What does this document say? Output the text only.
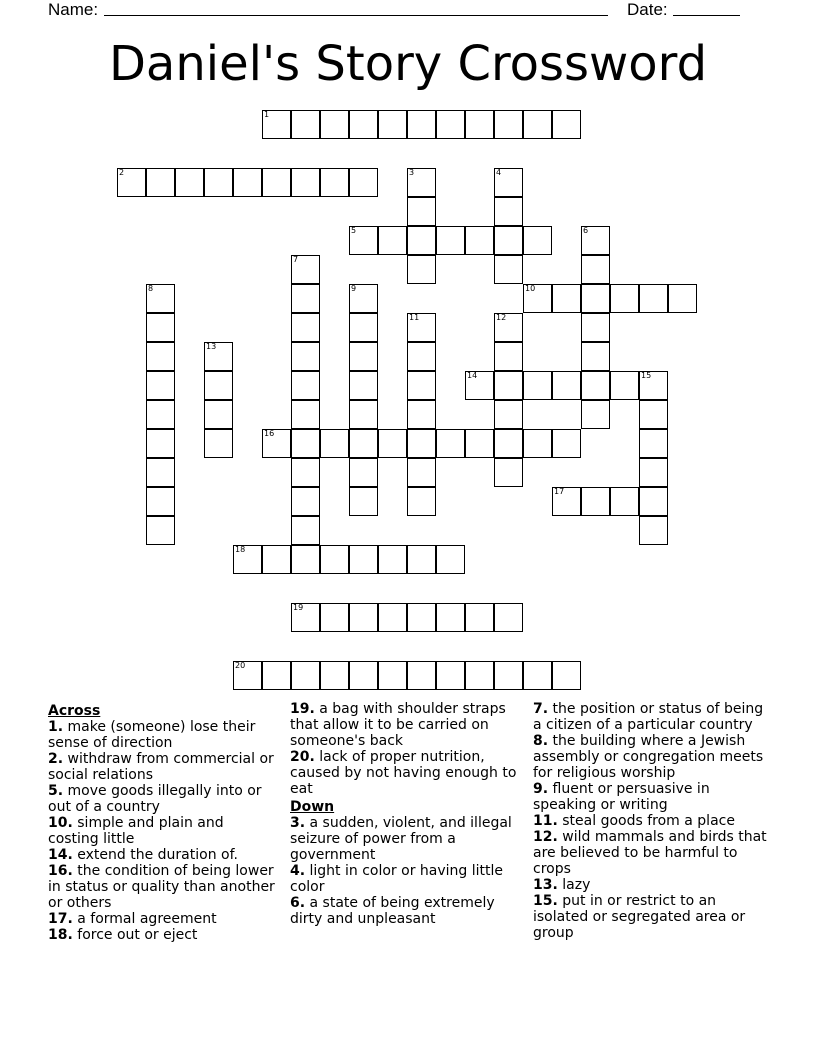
Name:	Date:
Daniel's Story Crossword
1
2	3	4
5	6
7
8	9	10
11	12
13
14	15
16
17
18
19
20
Across
1. make (someone) lose their sense of direction
2. withdraw from commercial or social relations
5. move goods illegally into or out of a country
10. simple and plain and costing little
14. extend the duration of.
16. the condition of being lower in status or quality than another or others
17. a formal agreement
18. force out or eject
19. a bag with shoulder straps that allow it to be carried on someone's back
20. lack of proper nutrition, caused by not having enough to eat
Down
3. a sudden, violent, and illegal seizure of power from a government
4. light in color or having little color
6. a state of being extremely dirty and unpleasant
7. the position or status of being a citizen of a particular country
8. the building where a Jewish assembly or congregation meets for religious worship
9. fluent or persuasive in speaking or writing
11. steal goods from a place
12. wild mammals and birds that are believed to be harmful to crops
13. lazy
15. put in or restrict to an isolated or segregated area or group
